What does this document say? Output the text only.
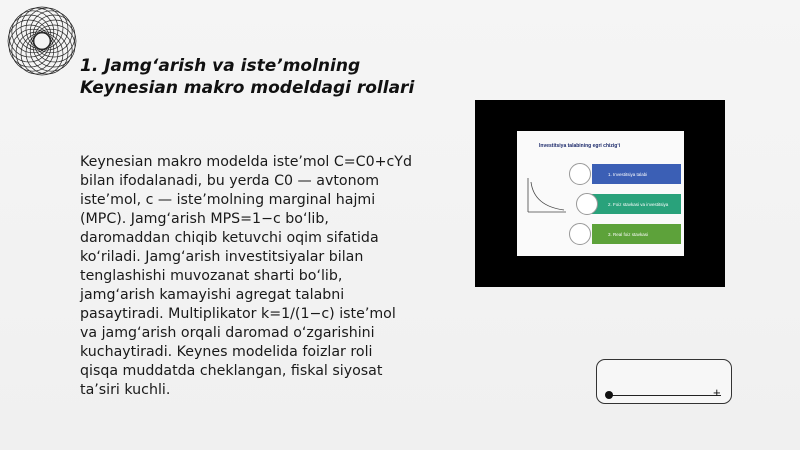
1. Jamg‘arish va iste’molning
Keynesian makro modeldagi rollari
Keynesian makro modelda iste’mol C=C0+cYd
bilan ifodalanadi, bu yerda C0 — avtonom
iste’mol, c — iste’molning marginal hajmi
(MPC). Jamg‘arish MPS=1−c bo‘lib,
daromaddan chiqib ketuvchi oqim sifatida
ko‘riladi. Jamg‘arish investitsiyalar bilan
tenglashishi muvozanat sharti bo‘lib,
jamg‘arish kamayishi agregat talabni
pasaytiradi. Multiplikator k=1/(1−c) iste’mol
va jamg‘arish orqali daromad o‘zgarishini
kuchaytiradi. Keynes modelida foizlar roli
qisqa muddatda cheklangan, fiskal siyosat
ta’siri kuchli.
Investitsiya talabining egri chizig‘i
1. Investitsiya talabi
2. Foiz stavkasi va investitsiya
3. Real foiz stavkasi
+
